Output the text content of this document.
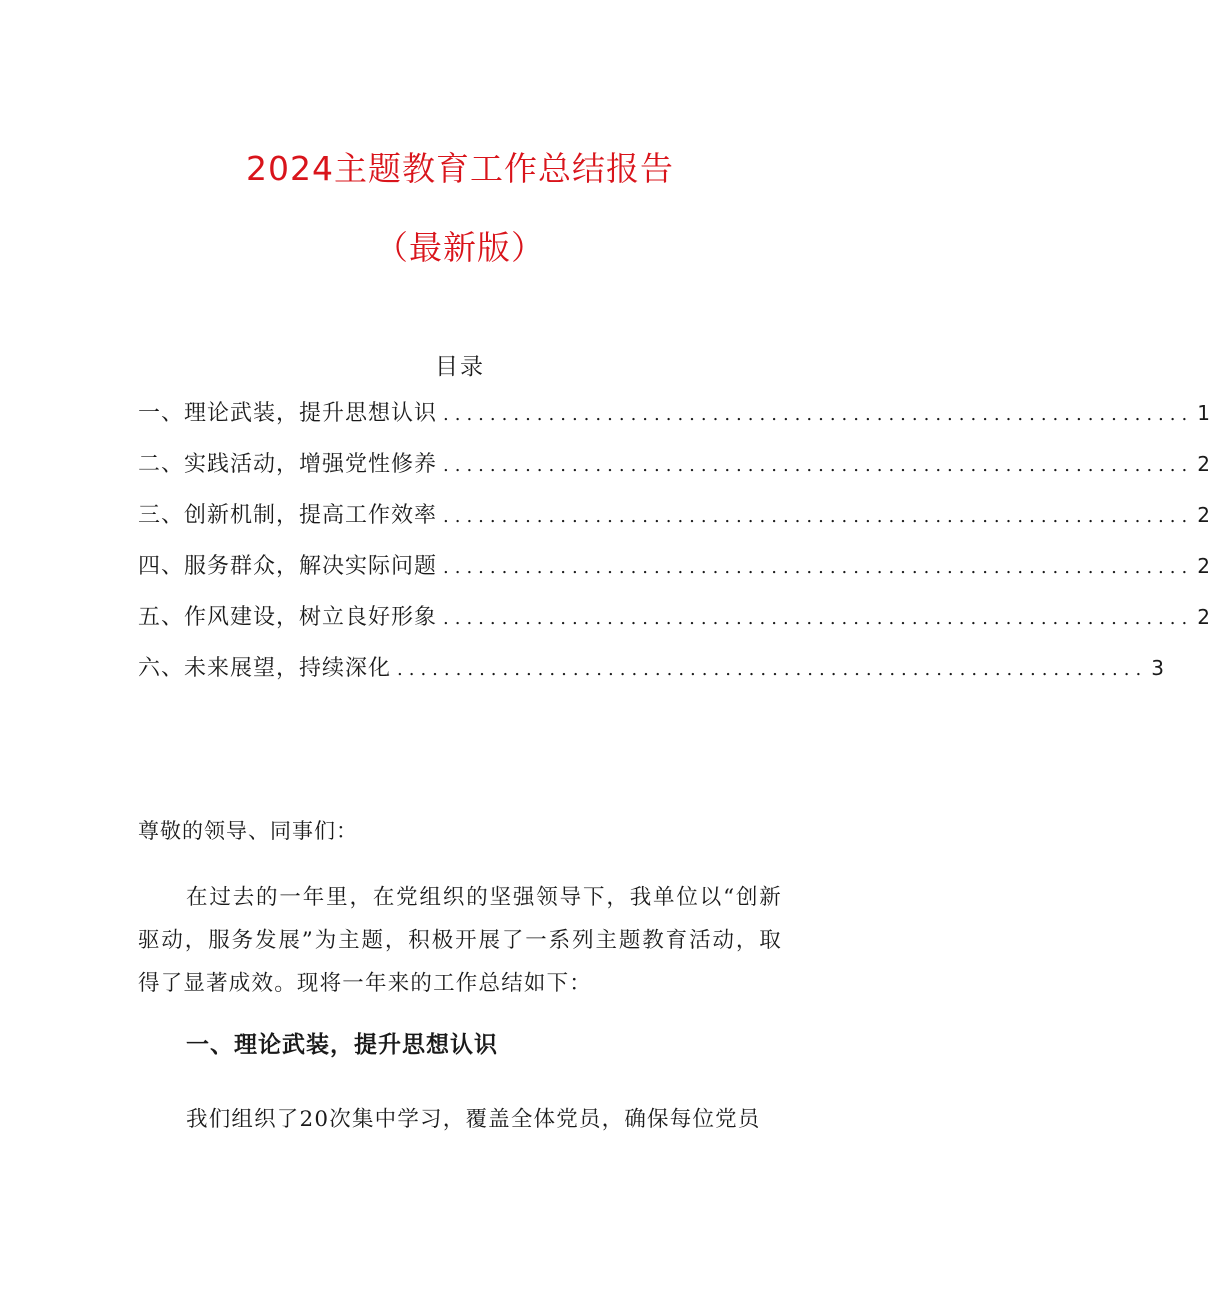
2024主题教育工作总结报告
（最新版）
目录
一、理论武装，提升思想认识 ................................................................ 1
二、实践活动，增强党性修养 ................................................................ 2
三、创新机制，提高工作效率 ................................................................ 2
四、服务群众，解决实际问题 ................................................................ 2
五、作风建设，树立良好形象 ................................................................ 2
六、未来展望，持续深化 ................................................................ 3
尊敬的领导、同事们：
在过去的一年里，在党组织的坚强领导下，我单位以“创新驱动，服务发展”为主题，积极开展了一系列主题教育活动，取得了显著成效。现将一年来的工作总结如下：
一、理论武装，提升思想认识
我们组织了20次集中学习，覆盖全体党员，确保每位党员
